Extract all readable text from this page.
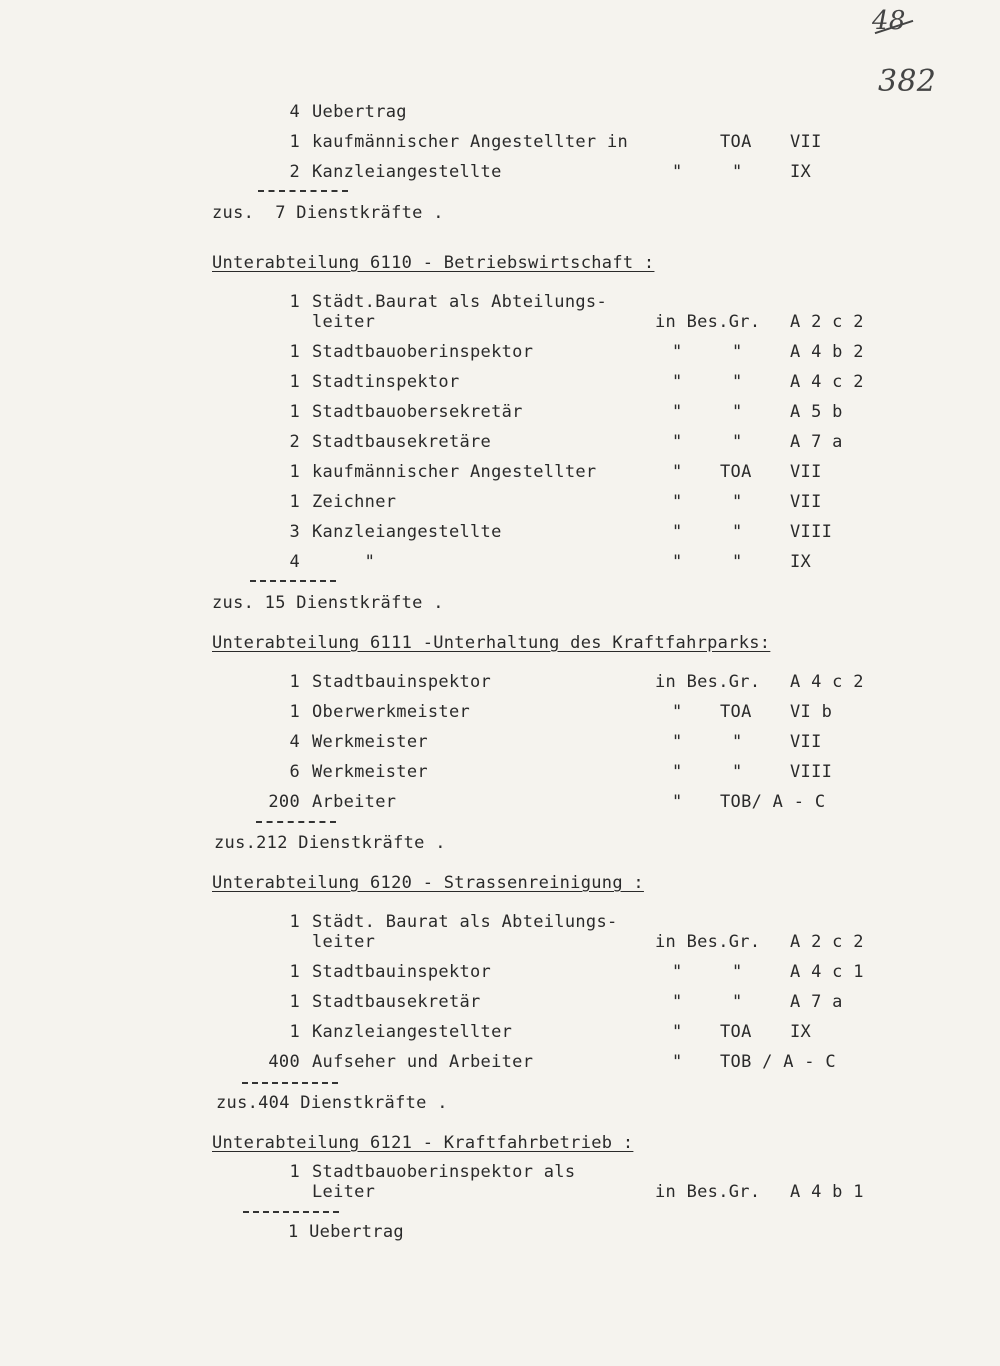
48
382
4 Uebertrag
1 kaufmännischer Angestellter in	TOA VII
2 Kanzleiangestellte	"	"	IX
zus.  7 Dienstkräfte .
Unterabteilung 6110 - Betriebswirtschaft :
1 Städt.Baurat als Abteilungs-
leiter	in Bes.Gr. A 2 c 2
1 Stadtbauoberinspektor	"	"	A 4 b 2
1 Stadtinspektor	"	"	A 4 c 2
1 Stadtbauobersekretär	"	"	A 5 b
2 Stadtbausekretäre	"	"	A 7 a
1 kaufmännischer Angestellter	" TOA VII
1 Zeichner	"	"	VII
3 Kanzleiangestellte	"	"	VIII
4 "	"	"	IX
zus. 15 Dienstkräfte .
Unterabteilung 6111 -Unterhaltung des Kraftfahrparks:
1 Stadtbauinspektor	in Bes.Gr. A 4 c 2
1 Oberwerkmeister	" TOA VI b
4 Werkmeister	"	"	VII
6 Werkmeister	"	"	VIII
200 Arbeiter	" TOB/ A - C
zus.212 Dienstkräfte .
Unterabteilung 6120 - Strassenreinigung :
1 Städt. Baurat als Abteilungs-
leiter	in Bes.Gr. A 2 c 2
1 Stadtbauinspektor	"	"	A 4 c 1
1 Stadtbausekretär	"	"	A 7 a
1 Kanzleiangestellter	" TOA IX
400 Aufseher und Arbeiter	" TOB / A - C
zus.404 Dienstkräfte .
Unterabteilung 6121 - Kraftfahrbetrieb :
1 Stadtbauoberinspektor als
Leiter	in Bes.Gr. A 4 b 1
1 Uebertrag
